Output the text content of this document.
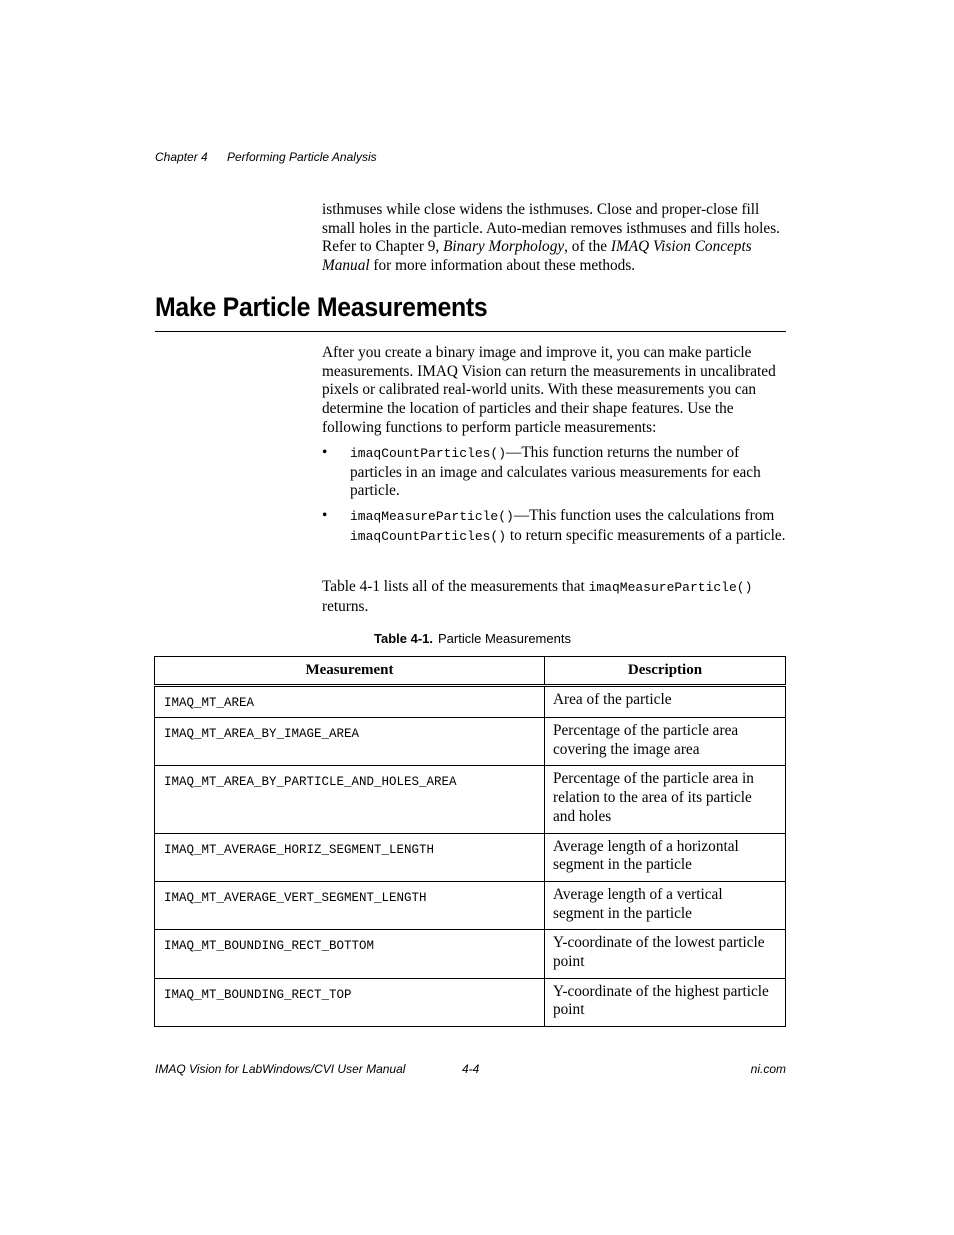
Chapter 4 Performing Particle Analysis
isthmuses while close widens the isthmuses. Close and proper-close fill small holes in the particle. Auto-median removes isthmuses and fills holes. Refer to Chapter 9, Binary Morphology, of the IMAQ Vision Concepts Manual for more information about these methods.
Make Particle Measurements
After you create a binary image and improve it, you can make particle measurements. IMAQ Vision can return the measurements in uncalibrated pixels or calibrated real-world units. With these measurements you can determine the location of particles and their shape features. Use the following functions to perform particle measurements:
• imaqCountParticles()—This function returns the number of particles in an image and calculates various measurements for each particle.
• imaqMeasureParticle()—This function uses the calculations from imaqCountParticles() to return specific measurements of a particle.
Table 4-1 lists all of the measurements that imaqMeasureParticle()
returns.
Table 4-1. Particle Measurements
Measurement	Description
IMAQ_MT_AREA	Area of the particle
IMAQ_MT_AREA_BY_IMAGE_AREA	Percentage of the particle area covering the image area
IMAQ_MT_AREA_BY_PARTICLE_AND_HOLES_AREA	Percentage of the particle area in relation to the area of its particle and holes
IMAQ_MT_AVERAGE_HORIZ_SEGMENT_LENGTH	Average length of a horizontal segment in the particle
IMAQ_MT_AVERAGE_VERT_SEGMENT_LENGTH	Average length of a vertical segment in the particle
IMAQ_MT_BOUNDING_RECT_BOTTOM	Y-coordinate of the lowest particle point
IMAQ_MT_BOUNDING_RECT_TOP	Y-coordinate of the highest particle point
IMAQ Vision for LabWindows/CVI User Manual	4-4	ni.com
